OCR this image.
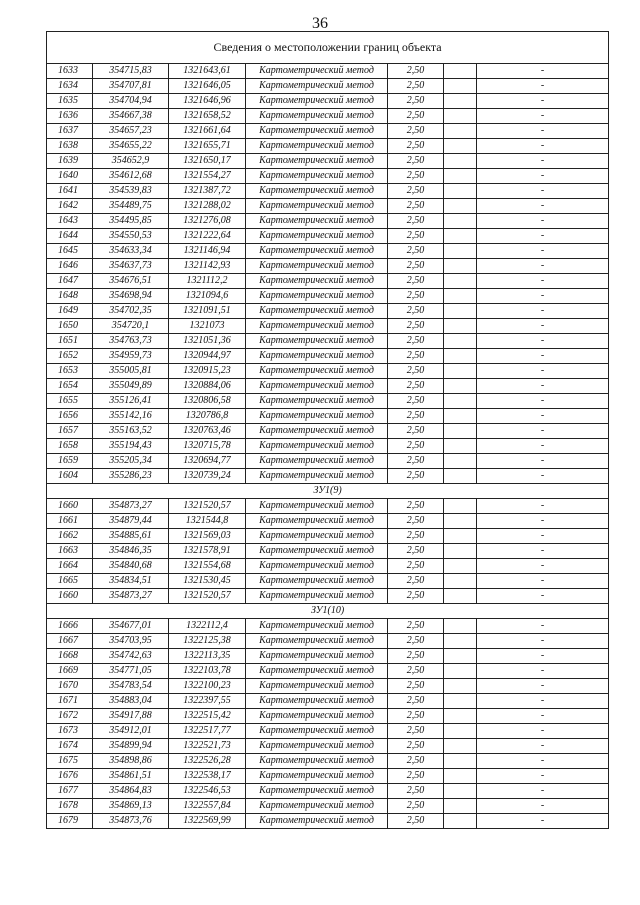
36
Сведения о местоположении границ объекта						
1633	354715,83	1321643,61	Картометрический метод	2,50		-
1634	354707,81	1321646,05	Картометрический метод	2,50		-
1635	354704,94	1321646,96	Картометрический метод	2,50		-
1636	354667,38	1321658,52	Картометрический метод	2,50		-
1637	354657,23	1321661,64	Картометрический метод	2,50		-
1638	354655,22	1321655,71	Картометрический метод	2,50		-
1639	354652,9	1321650,17	Картометрический метод	2,50		-
1640	354612,68	1321554,27	Картометрический метод	2,50		-
1641	354539,83	1321387,72	Картометрический метод	2,50		-
1642	354489,75	1321288,02	Картометрический метод	2,50		-
1643	354495,85	1321276,08	Картометрический метод	2,50		-
1644	354550,53	1321222,64	Картометрический метод	2,50		-
1645	354633,34	1321146,94	Картометрический метод	2,50		-
1646	354637,73	1321142,93	Картометрический метод	2,50		-
1647	354676,51	1321112,2	Картометрический метод	2,50		-
1648	354698,94	1321094,6	Картометрический метод	2,50		-
1649	354702,35	1321091,51	Картометрический метод	2,50		-
1650	354720,1	1321073	Картометрический метод	2,50		-
1651	354763,73	1321051,36	Картометрический метод	2,50		-
1652	354959,73	1320944,97	Картометрический метод	2,50		-
1653	355005,81	1320915,23	Картометрический метод	2,50		-
1654	355049,89	1320884,06	Картометрический метод	2,50		-
1655	355126,41	1320806,58	Картометрический метод	2,50		-
1656	355142,16	1320786,8	Картометрический метод	2,50		-
1657	355163,52	1320763,46	Картометрический метод	2,50		-
1658	355194,43	1320715,78	Картометрический метод	2,50		-
1659	355205,34	1320694,77	Картометрический метод	2,50		-
1604	355286,23	1320739,24	Картометрический метод	2,50		-
ЗУ1(9)						
1660	354873,27	1321520,57	Картометрический метод	2,50		-
1661	354879,44	1321544,8	Картометрический метод	2,50		-
1662	354885,61	1321569,03	Картометрический метод	2,50		-
1663	354846,35	1321578,91	Картометрический метод	2,50		-
1664	354840,68	1321554,68	Картометрический метод	2,50		-
1665	354834,51	1321530,45	Картометрический метод	2,50		-
1660	354873,27	1321520,57	Картометрический метод	2,50		-
ЗУ1(10)						
1666	354677,01	1322112,4	Картометрический метод	2,50		-
1667	354703,95	1322125,38	Картометрический метод	2,50		-
1668	354742,63	1322113,35	Картометрический метод	2,50		-
1669	354771,05	1322103,78	Картометрический метод	2,50		-
1670	354783,54	1322100,23	Картометрический метод	2,50		-
1671	354883,04	1322397,55	Картометрический метод	2,50		-
1672	354917,88	1322515,42	Картометрический метод	2,50		-
1673	354912,01	1322517,77	Картометрический метод	2,50		-
1674	354899,94	1322521,73	Картометрический метод	2,50		-
1675	354898,86	1322526,28	Картометрический метод	2,50		-
1676	354861,51	1322538,17	Картометрический метод	2,50		-
1677	354864,83	1322546,53	Картометрический метод	2,50		-
1678	354869,13	1322557,84	Картометрический метод	2,50		-
1679	354873,76	1322569,99	Картометрический метод	2,50		-
